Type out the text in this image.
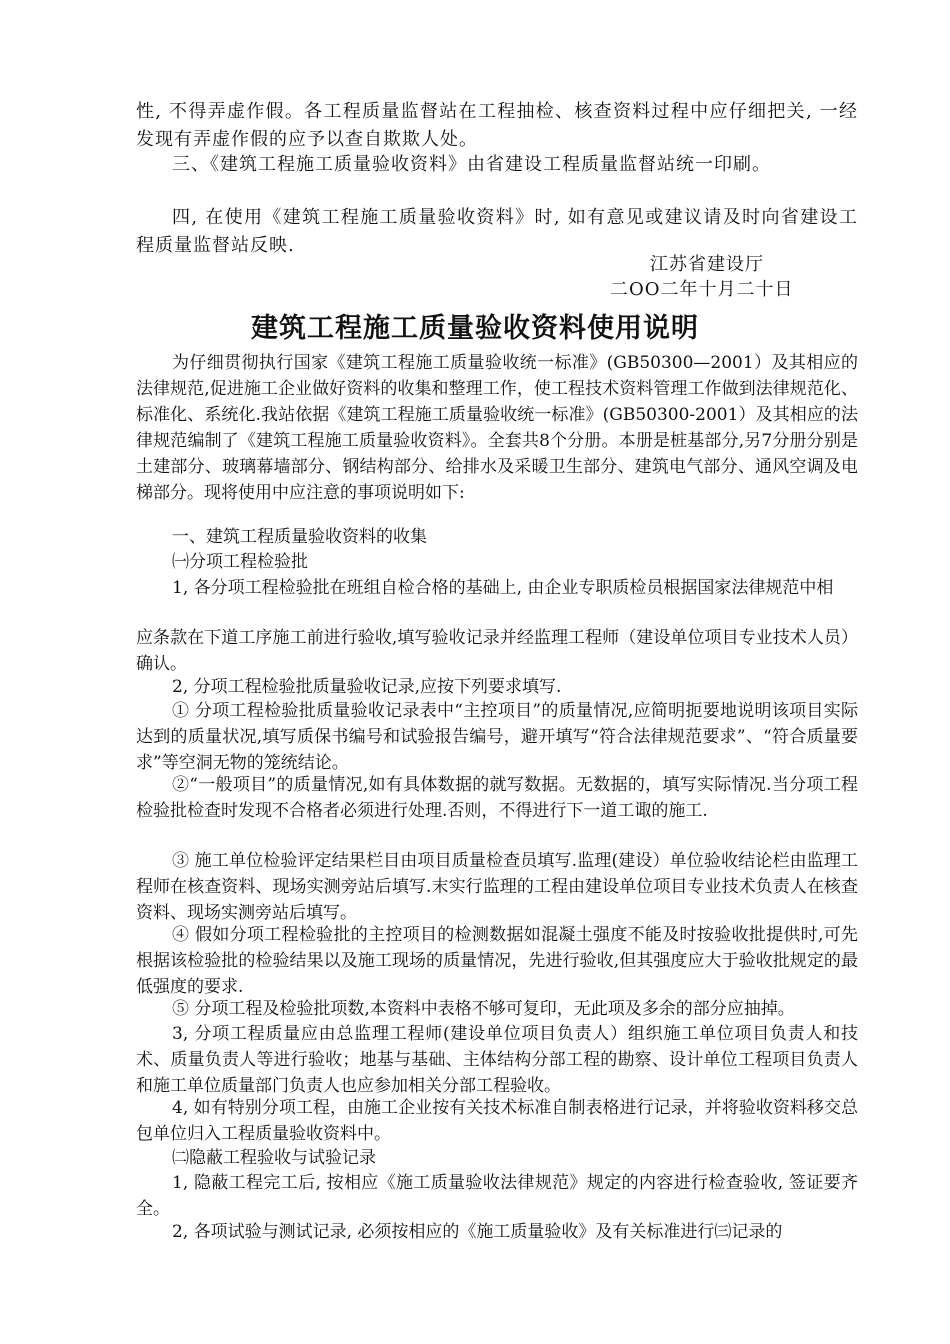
性, 不得弄虚作假。各工程质量监督站在工程抽检、核查资料过程中应仔细把关, 一经发现有弄虚作假的应予以查自欺欺人处。

三、《建筑工程施工质量验收资料》由省建设工程质量监督站统一印刷。

四, 在使用《建筑工程施工质量验收资料》时, 如有意见或建议请及时向省建设工程质量监督站反映.

江苏省建设厅
二OO二年十月二十日
建筑工程施工质量验收资料使用说明

为仔细贯彻执行国家《建筑工程施工质量验收统一标准》(GB50300—2001）及其相应的法律规范,促进施工企业做好资料的收集和整理工作，使工程技术资料管理工作做到法律规范化、标准化、系统化.我站依据《建筑工程施工质量验收统一标准》(GB50300-2001）及其相应的法律规范编制了《建筑工程施工质量验收资料》。全套共8个分册。本册是桩基部分,另7分册分别是土建部分、玻璃幕墙部分、钢结构部分、给排水及采暖卫生部分、建筑电气部分、通风空调及电梯部分。现将使用中应注意的事项说明如下:

一、建筑工程质量验收资料的收集

㈠分项工程检验批

1, 各分项工程检验批在班组自检合格的基础上, 由企业专职质检员根据国家法律规范中相

应条款在下道工序施工前进行验收,填写验收记录并经监理工程师（建设单位项目专业技术人员）确认。

2, 分项工程检验批质量验收记录,应按下列要求填写.

① 分项工程检验批质量验收记录表中“主控项目”的质量情况,应简明扼要地说明该项目实际达到的质量状况,填写质保书编号和试验报告编号，避开填写“符合法律规范要求”、“符合质量要求”等空洞无物的笼统结论。

②“一般项目”的质量情况,如有具体数据的就写数据。无数据的，填写实际情况.当分项工程检验批检查时发现不合格者必须进行处理.否则，不得进行下一道工诹的施工.

③ 施工单位检验评定结果栏目由项目质量检查员填写.监理(建设）单位验收结论栏由监理工程师在核查资料、现场实测旁站后填写.末实行监理的工程由建设单位项目专业技术负责人在核查资料、现场实测旁站后填写。

④ 假如分项工程检验批的主控项目的检测数据如混凝土强度不能及时按验收批提供时,可先根据该检验批的检验结果以及施工现场的质量情况，先进行验收,但其强度应大于验收批规定的最低强度的要求.

⑤ 分项工程及检验批项数,本资料中表格不够可复印，无此项及多余的部分应抽掉。

3, 分项工程质量应由总监理工程师(建设单位项目负责人）组织施工单位项目负责人和技术、质量负责人等进行验收；地基与基础、主体结构分部工程的勘察、设计单位工程项目负责人和施工单位质量部门负责人也应参加相关分部工程验收。

4, 如有特别分项工程，由施工企业按有关技术标准自制表格进行记录，并将验收资料移交总包单位归入工程质量验收资料中。

㈡隐蔽工程验收与试验记录

1, 隐蔽工程完工后, 按相应《施工质量验收法律规范》规定的内容进行检查验收, 签证要齐全。

2, 各项试验与测试记录, 必须按相应的《施工质量验收》及有关标准进行㈢记录的
